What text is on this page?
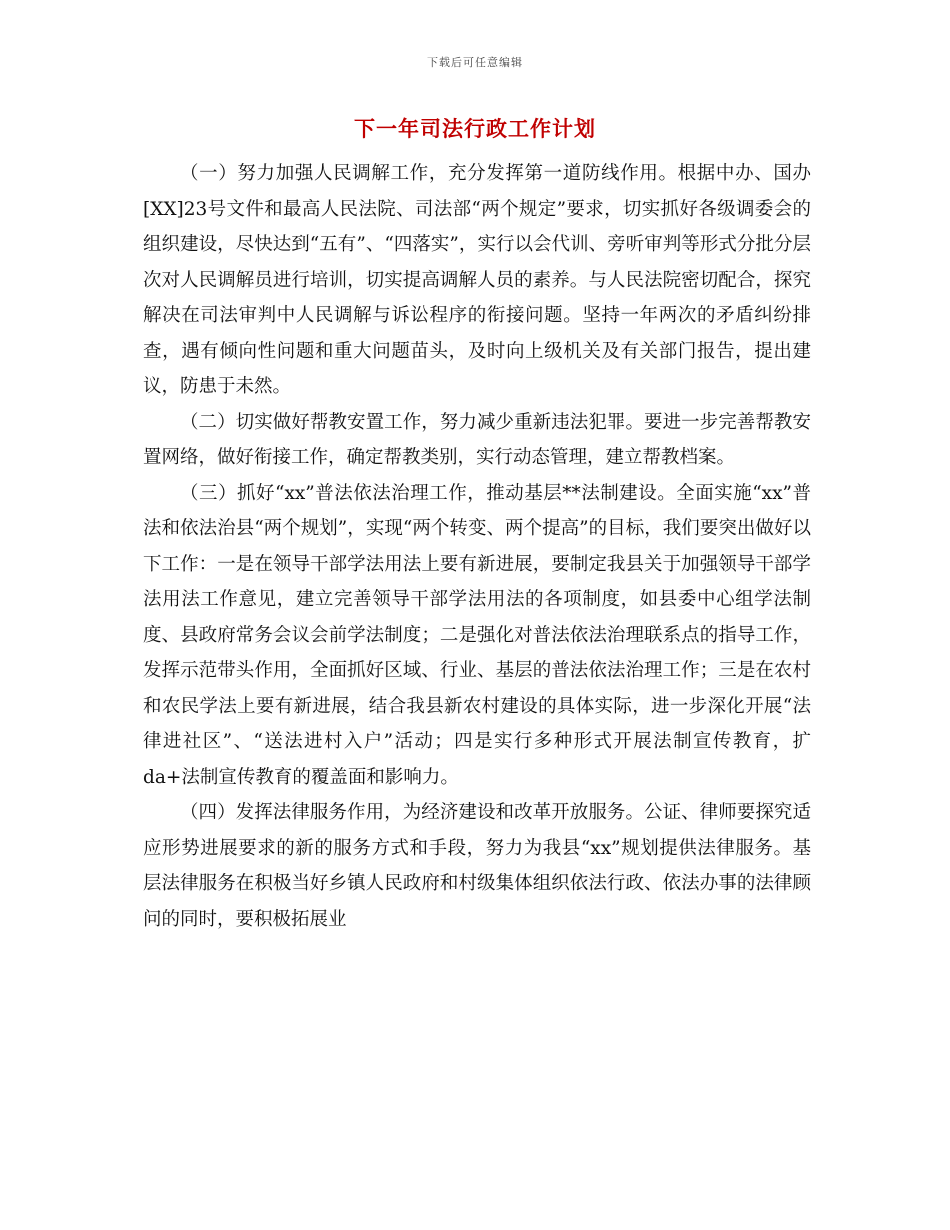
下载后可任意编辑
下一年司法行政工作计划

（一）努力加强人民调解工作，充分发挥第一道防线作用。根据中办、国办[XX]23号文件和最高人民法院、司法部“两个规定”要求，切实抓好各级调委会的组织建设，尽快达到“五有”、“四落实”，实行以会代训、旁听审判等形式分批分层次对人民调解员进行培训，切实提高调解人员的素养。与人民法院密切配合，探究解决在司法审判中人民调解与诉讼程序的衔接问题。坚持一年两次的矛盾纠纷排查，遇有倾向性问题和重大问题苗头，及时向上级机关及有关部门报告，提出建议，防患于未然。

（二）切实做好帮教安置工作，努力减少重新违法犯罪。要进一步完善帮教安置网络，做好衔接工作，确定帮教类别，实行动态管理，建立帮教档案。

（三）抓好“xx”普法依法治理工作，推动基层**法制建设。全面实施“xx”普法和依法治县“两个规划”，实现“两个转变、两个提高”的目标，我们要突出做好以下工作：一是在领导干部学法用法上要有新进展，要制定我县关于加强领导干部学法用法工作意见，建立完善领导干部学法用法的各项制度，如县委中心组学法制度、县政府常务会议会前学法制度；二是强化对普法依法治理联系点的指导工作，发挥示范带头作用，全面抓好区域、行业、基层的普法依法治理工作；三是在农村和农民学法上要有新进展，结合我县新农村建设的具体实际，进一步深化开展“法律进社区”、“送法进村入户”活动；四是实行多种形式开展法制宣传教育，扩da+法制宣传教育的覆盖面和影响力。

（四）发挥法律服务作用，为经济建设和改革开放服务。公证、律师要探究适应形势进展要求的新的服务方式和手段，努力为我县“xx”规划提供法律服务。基层法律服务在积极当好乡镇人民政府和村级集体组织依法行政、依法办事的法律顾问的同时，要积极拓展业
